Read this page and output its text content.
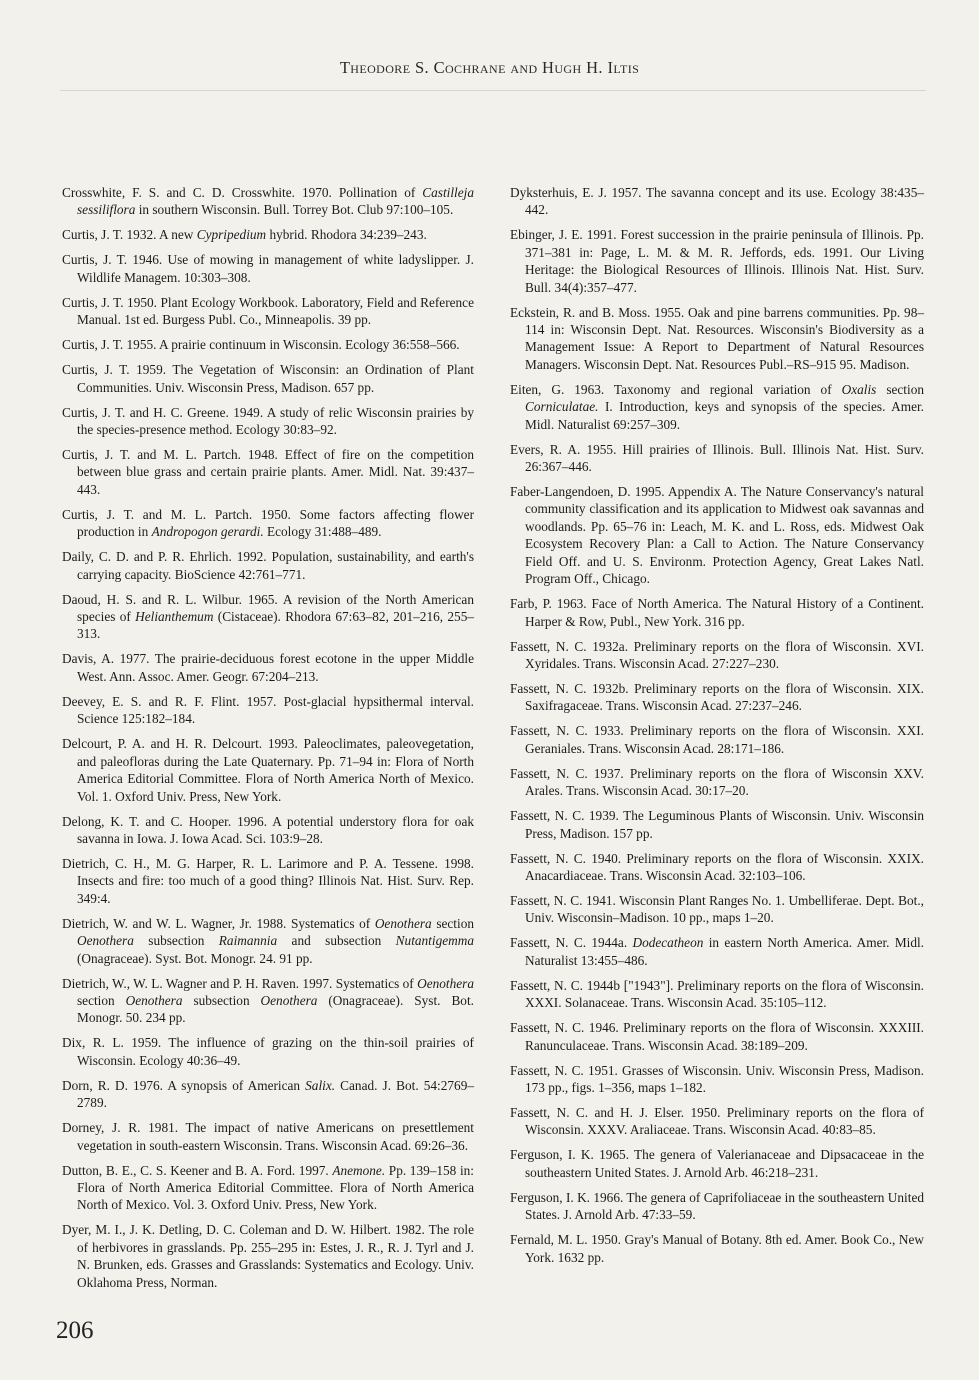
Theodore S. Cochrane and Hugh H. Iltis

Crosswhite, F. S. and C. D. Crosswhite. 1970. Pollination of Castilleja sessiliflora in southern Wisconsin. Bull. Torrey Bot. Club 97:100–105.

Curtis, J. T. 1932. A new Cypripedium hybrid. Rhodora 34:239–243.

Curtis, J. T. 1946. Use of mowing in management of white ladyslipper. J. Wildlife Managem. 10:303–308.

Curtis, J. T. 1950. Plant Ecology Workbook. Laboratory, Field and Reference Manual. 1st ed. Burgess Publ. Co., Minneapolis. 39 pp.

Curtis, J. T. 1955. A prairie continuum in Wisconsin. Ecology 36:558–566.

Curtis, J. T. 1959. The Vegetation of Wisconsin: an Ordination of Plant Communities. Univ. Wisconsin Press, Madison. 657 pp.

Curtis, J. T. and H. C. Greene. 1949. A study of relic Wisconsin prairies by the species-presence method. Ecology 30:83–92.

Curtis, J. T. and M. L. Partch. 1948. Effect of fire on the competition between blue grass and certain prairie plants. Amer. Midl. Nat. 39:437–443.

Curtis, J. T. and M. L. Partch. 1950. Some factors affecting flower production in Andropogon gerardi. Ecology 31:488–489.

Daily, C. D. and P. R. Ehrlich. 1992. Population, sustainability, and earth's carrying capacity. BioScience 42:761–771.

Daoud, H. S. and R. L. Wilbur. 1965. A revision of the North American species of Helianthemum (Cistaceae). Rhodora 67:63–82, 201–216, 255–313.

Davis, A. 1977. The prairie-deciduous forest ecotone in the upper Middle West. Ann. Assoc. Amer. Geogr. 67:204–213.

Deevey, E. S. and R. F. Flint. 1957. Post-glacial hypsithermal interval. Science 125:182–184.

Delcourt, P. A. and H. R. Delcourt. 1993. Paleoclimates, paleovegetation, and paleofloras during the Late Quaternary. Pp. 71–94 in: Flora of North America Editorial Committee. Flora of North America North of Mexico. Vol. 1. Oxford Univ. Press, New York.

Delong, K. T. and C. Hooper. 1996. A potential understory flora for oak savanna in Iowa. J. Iowa Acad. Sci. 103:9–28.

Dietrich, C. H., M. G. Harper, R. L. Larimore and P. A. Tessene. 1998. Insects and fire: too much of a good thing? Illinois Nat. Hist. Surv. Rep. 349:4.

Dietrich, W. and W. L. Wagner, Jr. 1988. Systematics of Oenothera section Oenothera subsection Raimannia and subsection Nutantigemma (Onagraceae). Syst. Bot. Monogr. 24. 91 pp.

Dietrich, W., W. L. Wagner and P. H. Raven. 1997. Systematics of Oenothera section Oenothera subsection Oenothera (Onagraceae). Syst. Bot. Monogr. 50. 234 pp.

Dix, R. L. 1959. The influence of grazing on the thin-soil prairies of Wisconsin. Ecology 40:36–49.

Dorn, R. D. 1976. A synopsis of American Salix. Canad. J. Bot. 54:2769–2789.

Dorney, J. R. 1981. The impact of native Americans on presettlement vegetation in south-eastern Wisconsin. Trans. Wisconsin Acad. 69:26–36.

Dutton, B. E., C. S. Keener and B. A. Ford. 1997. Anemone. Pp. 139–158 in: Flora of North America Editorial Committee. Flora of North America North of Mexico. Vol. 3. Oxford Univ. Press, New York.

Dyer, M. I., J. K. Detling, D. C. Coleman and D. W. Hilbert. 1982. The role of herbivores in grasslands. Pp. 255–295 in: Estes, J. R., R. J. Tyrl and J. N. Brunken, eds. Grasses and Grasslands: Systematics and Ecology. Univ. Oklahoma Press, Norman.

Dyksterhuis, E. J. 1957. The savanna concept and its use. Ecology 38:435–442.

Ebinger, J. E. 1991. Forest succession in the prairie peninsula of Illinois. Pp. 371–381 in: Page, L. M. & M. R. Jeffords, eds. 1991. Our Living Heritage: the Biological Resources of Illinois. Illinois Nat. Hist. Surv. Bull. 34(4):357–477.

Eckstein, R. and B. Moss. 1955. Oak and pine barrens communities. Pp. 98–114 in: Wisconsin Dept. Nat. Resources. Wisconsin's Biodiversity as a Management Issue: A Report to Department of Natural Resources Managers. Wisconsin Dept. Nat. Resources Publ.–RS–915 95. Madison.

Eiten, G. 1963. Taxonomy and regional variation of Oxalis section Corniculatae. I. Introduction, keys and synopsis of the species. Amer. Midl. Naturalist 69:257–309.

Evers, R. A. 1955. Hill prairies of Illinois. Bull. Illinois Nat. Hist. Surv. 26:367–446.

Faber-Langendoen, D. 1995. Appendix A. The Nature Conservancy's natural community classification and its application to Midwest oak savannas and woodlands. Pp. 65–76 in: Leach, M. K. and L. Ross, eds. Midwest Oak Ecosystem Recovery Plan: a Call to Action. The Nature Conservancy Field Off. and U. S. Environm. Protection Agency, Great Lakes Natl. Program Off., Chicago.

Farb, P. 1963. Face of North America. The Natural History of a Continent. Harper & Row, Publ., New York. 316 pp.

Fassett, N. C. 1932a. Preliminary reports on the flora of Wisconsin. XVI. Xyridales. Trans. Wisconsin Acad. 27:227–230.

Fassett, N. C. 1932b. Preliminary reports on the flora of Wisconsin. XIX. Saxifragaceae. Trans. Wisconsin Acad. 27:237–246.

Fassett, N. C. 1933. Preliminary reports on the flora of Wisconsin. XXI. Geraniales. Trans. Wisconsin Acad. 28:171–186.

Fassett, N. C. 1937. Preliminary reports on the flora of Wisconsin XXV. Arales. Trans. Wisconsin Acad. 30:17–20.

Fassett, N. C. 1939. The Leguminous Plants of Wisconsin. Univ. Wisconsin Press, Madison. 157 pp.

Fassett, N. C. 1940. Preliminary reports on the flora of Wisconsin. XXIX. Anacardiaceae. Trans. Wisconsin Acad. 32:103–106.

Fassett, N. C. 1941. Wisconsin Plant Ranges No. 1. Umbelliferae. Dept. Bot., Univ. Wisconsin–Madison. 10 pp., maps 1–20.

Fassett, N. C. 1944a. Dodecatheon in eastern North America. Amer. Midl. Naturalist 13:455–486.

Fassett, N. C. 1944b ["1943"]. Preliminary reports on the flora of Wisconsin. XXXI. Solanaceae. Trans. Wisconsin Acad. 35:105–112.

Fassett, N. C. 1946. Preliminary reports on the flora of Wisconsin. XXXIII. Ranunculaceae. Trans. Wisconsin Acad. 38:189–209.

Fassett, N. C. 1951. Grasses of Wisconsin. Univ. Wisconsin Press, Madison. 173 pp., figs. 1–356, maps 1–182.

Fassett, N. C. and H. J. Elser. 1950. Preliminary reports on the flora of Wisconsin. XXXV. Araliaceae. Trans. Wisconsin Acad. 40:83–85.

Ferguson, I. K. 1965. The genera of Valerianaceae and Dipsacaceae in the southeastern United States. J. Arnold Arb. 46:218–231.

Ferguson, I. K. 1966. The genera of Caprifoliaceae in the southeastern United States. J. Arnold Arb. 47:33–59.

Fernald, M. L. 1950. Gray's Manual of Botany. 8th ed. Amer. Book Co., New York. 1632 pp.

206
